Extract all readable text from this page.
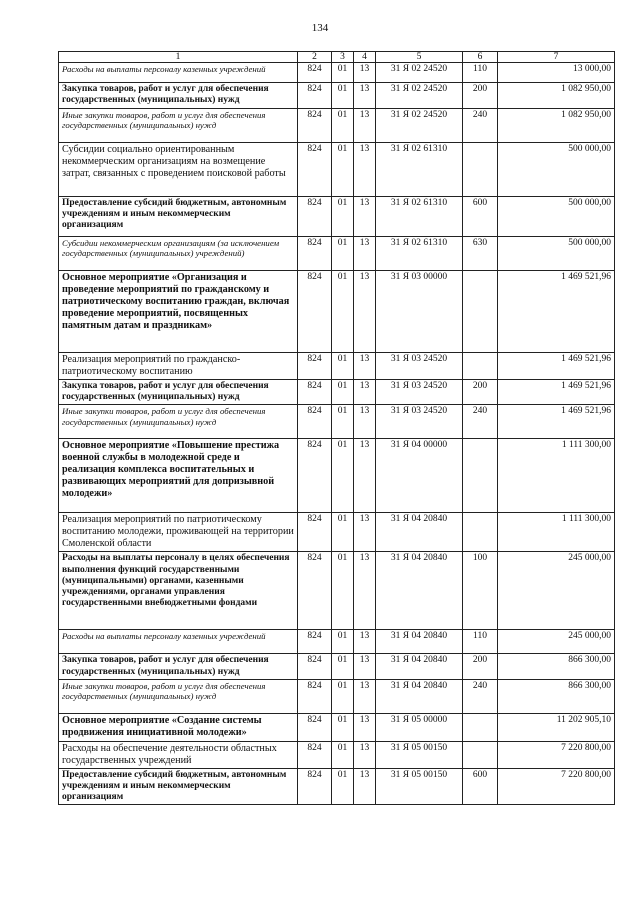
134
1	2	3	4	5	6	7
Расходы на выплаты персоналу казенных учреждений	824	01	13	31 Я 02 24520	110	13 000,00
Закупка товаров, работ и услуг для обеспечения государственных (муниципальных) нужд	824	01	13	31 Я 02 24520	200	1 082 950,00
Иные закупки товаров, работ и услуг для обеспечения государственных (муниципальных) нужд	824	01	13	31 Я 02 24520	240	1 082 950,00
Субсидии социально ориентированным некоммерческим организациям на возмещение затрат, связанных с проведением поисковой работы	824	01	13	31 Я 02 61310		500 000,00
Предоставление субсидий бюджетным, автономным учреждениям и иным некоммерческим организациям	824	01	13	31 Я 02 61310	600	500 000,00
Субсидии некоммерческим организациям (за исключением государственных (муниципальных) учреждений)	824	01	13	31 Я 02 61310	630	500 000,00
Основное мероприятие «Организация и проведение мероприятий по гражданскому и патриотическому воспитанию граждан, включая проведение мероприятий, посвященных памятным датам и праздникам»	824	01	13	31 Я 03 00000		1 469 521,96
Реализация мероприятий по гражданско-патриотическому воспитанию	824	01	13	31 Я 03 24520		1 469 521,96
Закупка товаров, работ и услуг для обеспечения государственных (муниципальных) нужд	824	01	13	31 Я 03 24520	200	1 469 521,96
Иные закупки товаров, работ и услуг для обеспечения государственных (муниципальных) нужд	824	01	13	31 Я 03 24520	240	1 469 521,96
Основное мероприятие «Повышение престижа военной службы в молодежной среде и реализация комплекса воспитательных и развивающих мероприятий для допризывной молодежи»	824	01	13	31 Я 04 00000		1 111 300,00
Реализация мероприятий по патриотическому воспитанию молодежи, проживающей на территории Смоленской области	824	01	13	31 Я 04 20840		1 111 300,00
Расходы на выплаты персоналу в целях обеспечения выполнения функций государственными (муниципальными) органами, казенными учреждениями, органами управления государственными внебюджетными фондами	824	01	13	31 Я 04 20840	100	245 000,00
Расходы на выплаты персоналу казенных учреждений	824	01	13	31 Я 04 20840	110	245 000,00
Закупка товаров, работ и услуг для обеспечения государственных (муниципальных) нужд	824	01	13	31 Я 04 20840	200	866 300,00
Иные закупки товаров, работ и услуг для обеспечения государственных (муниципальных) нужд	824	01	13	31 Я 04 20840	240	866 300,00
Основное мероприятие «Создание системы продвижения инициативной молодежи»	824	01	13	31 Я 05 00000		11 202 905,10
Расходы на обеспечение деятельности областных государственных учреждений	824	01	13	31 Я 05 00150		7 220 800,00
Предоставление субсидий бюджетным, автономным учреждениям и иным некоммерческим организациям	824	01	13	31 Я 05 00150	600	7 220 800,00
